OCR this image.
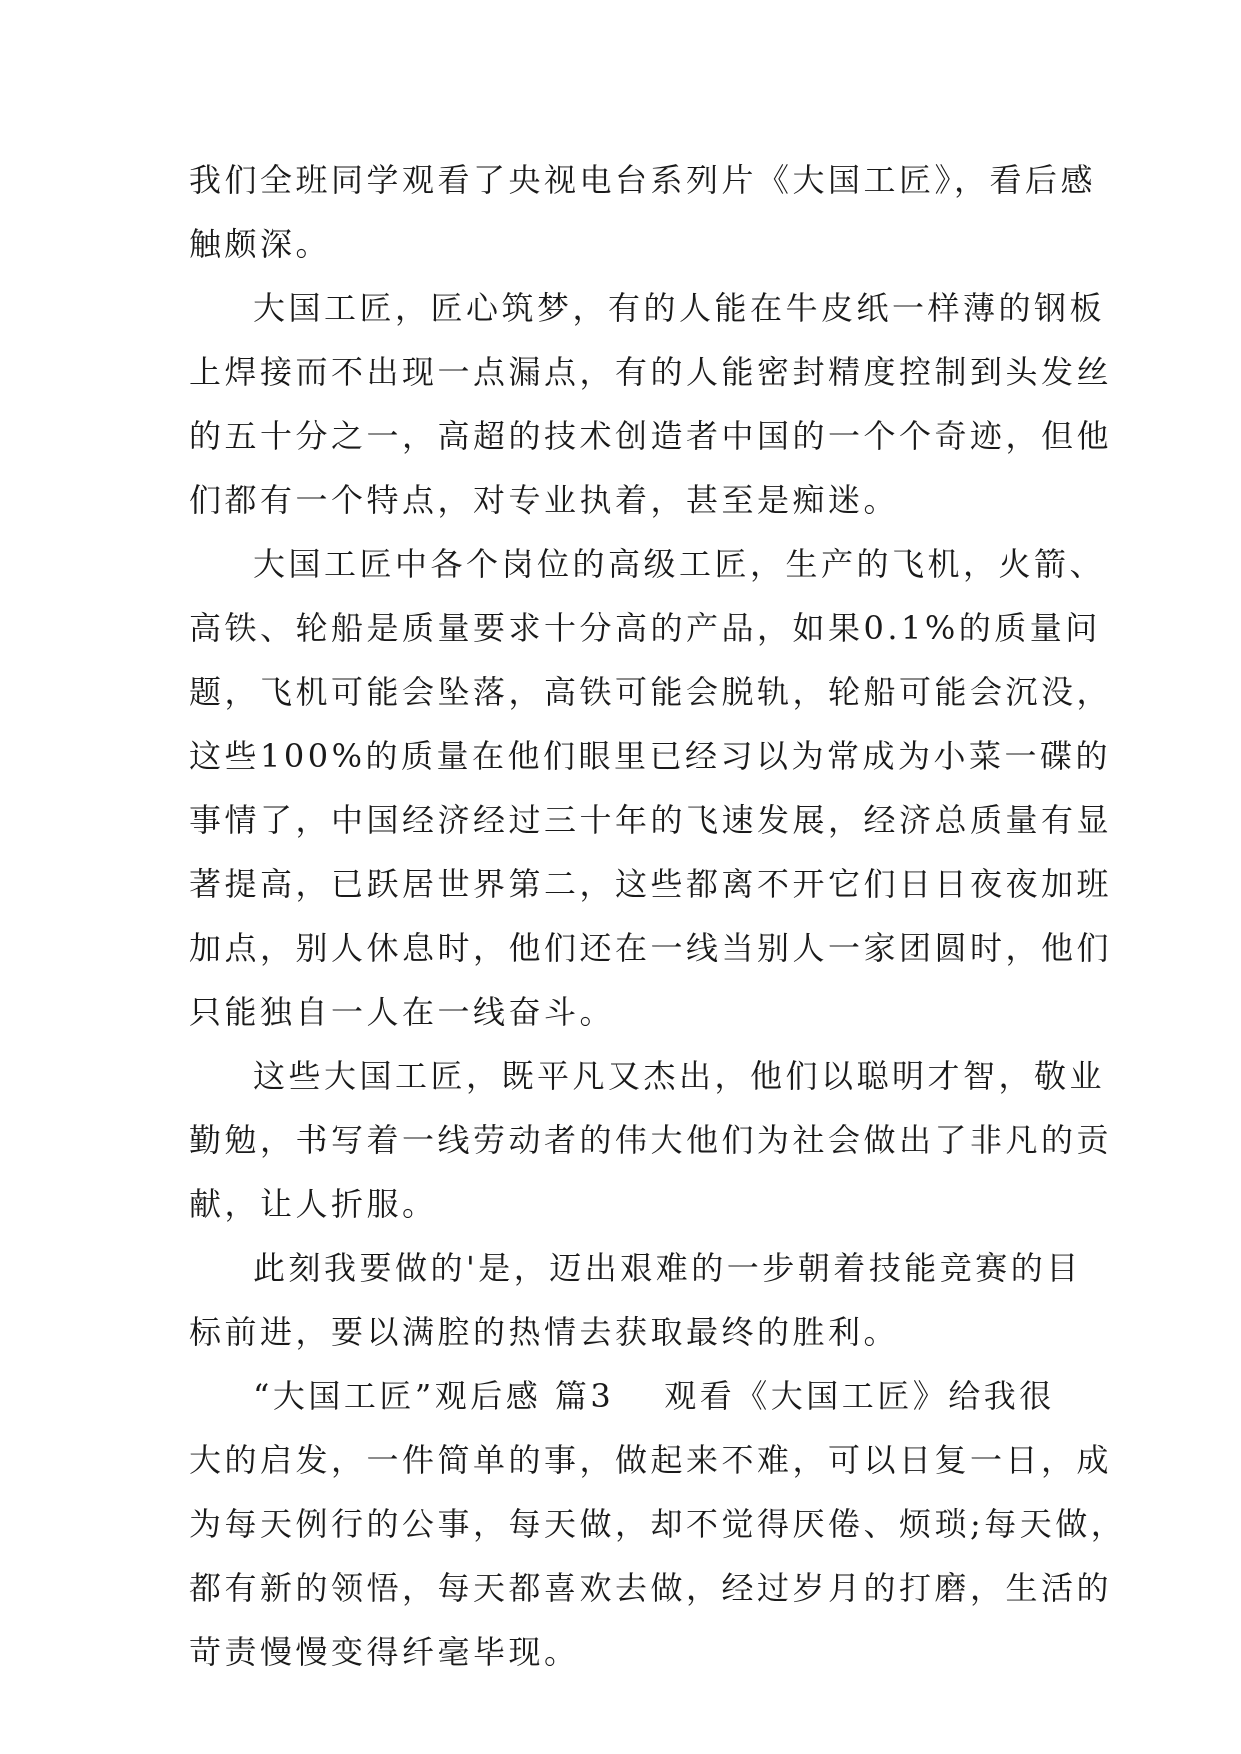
我们全班同学观看了央视电台系列片《大国工匠》，看后感
触颇深。
大国工匠，匠心筑梦，有的人能在牛皮纸一样薄的钢板
上焊接而不出现一点漏点，有的人能密封精度控制到头发丝
的五十分之一，高超的技术创造者中国的一个个奇迹，但他
们都有一个特点，对专业执着，甚至是痴迷。
大国工匠中各个岗位的高级工匠，生产的飞机，火箭、
高铁、轮船是质量要求十分高的产品，如果0.1%的质量问
题，飞机可能会坠落，高铁可能会脱轨，轮船可能会沉没，
这些100%的质量在他们眼里已经习以为常成为小菜一碟的
事情了，中国经济经过三十年的飞速发展，经济总质量有显
著提高，已跃居世界第二，这些都离不开它们日日夜夜加班
加点，别人休息时，他们还在一线当别人一家团圆时，他们
只能独自一人在一线奋斗。
这些大国工匠，既平凡又杰出，他们以聪明才智，敬业
勤勉，书写着一线劳动者的伟大他们为社会做出了非凡的贡
献，让人折服。
此刻我要做的'是，迈出艰难的一步朝着技能竞赛的目
标前进，要以满腔的热情去获取最终的胜利。
“大国工匠”观后感 篇3 观看《大国工匠》给我很
大的启发，一件简单的事，做起来不难，可以日复一日，成
为每天例行的公事，每天做，却不觉得厌倦、烦琐;每天做，
都有新的领悟，每天都喜欢去做，经过岁月的打磨，生活的
苛责慢慢变得纤毫毕现。
